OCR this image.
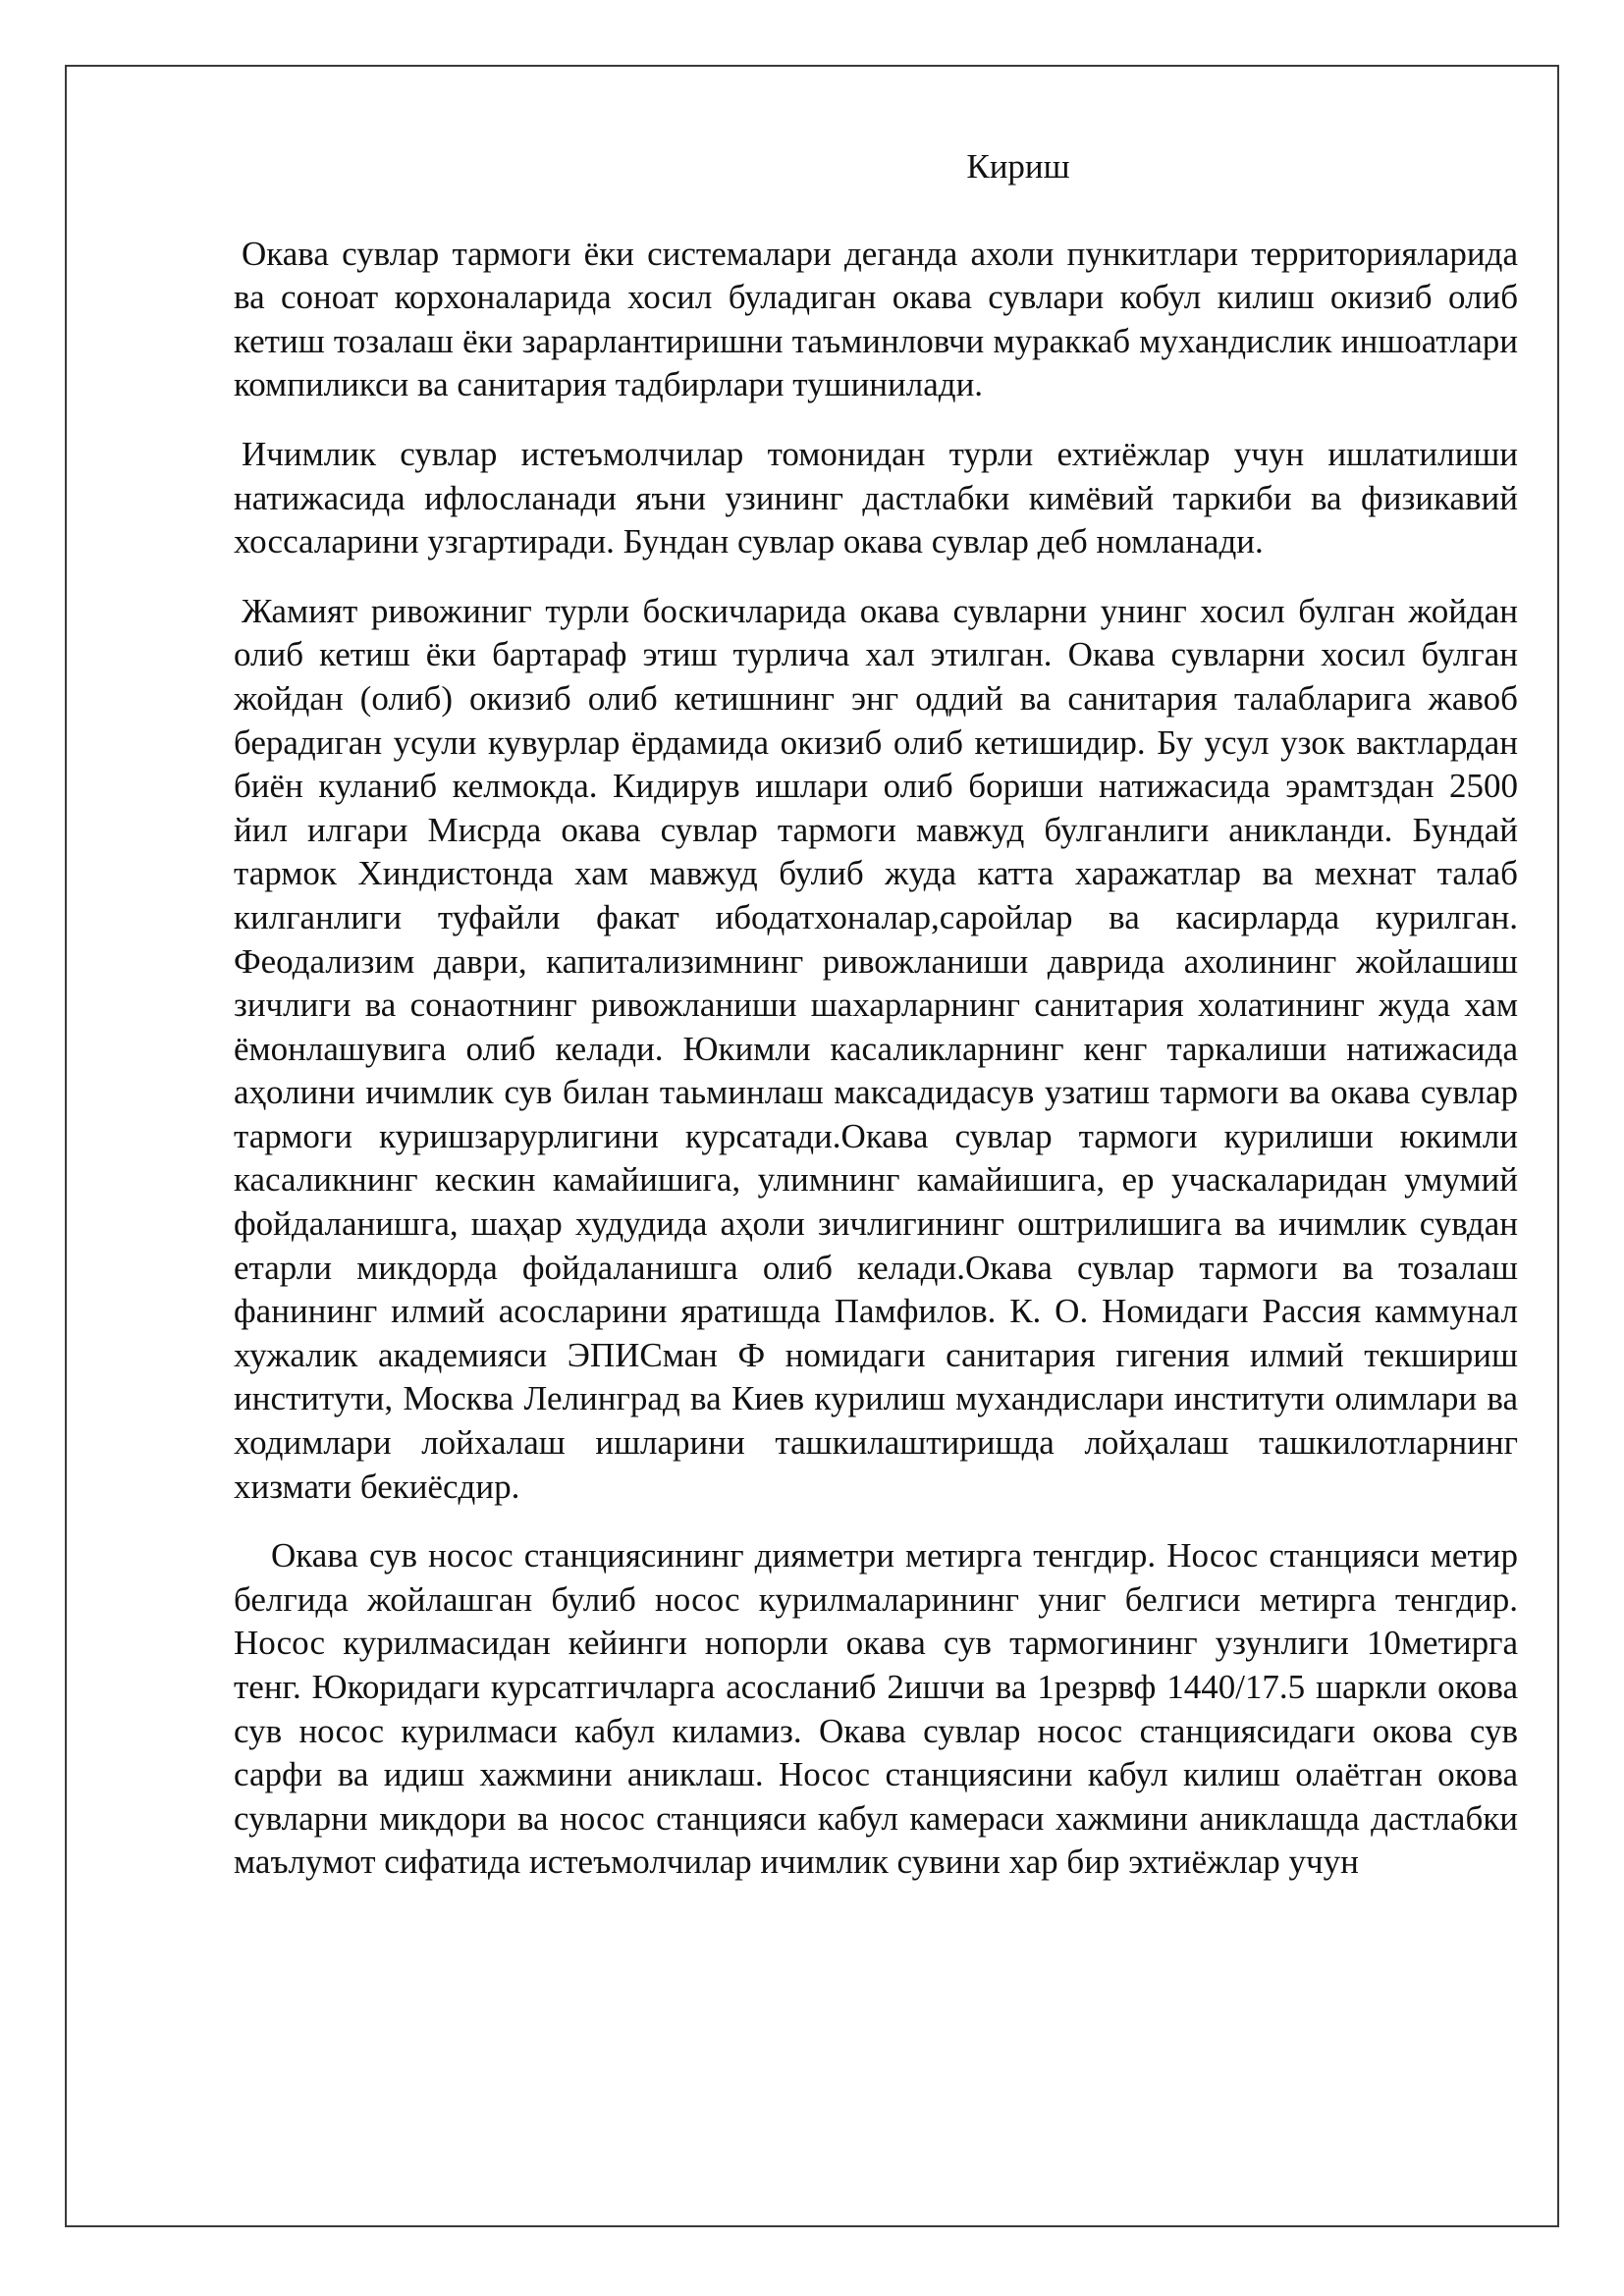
Кириш

Окава сувлар тармоги ёки системалари деганда ахоли пункитлари территорияларида ва соноат корхоналарида хосил буладиган окава сувлари кобул килиш окизиб олиб кетиш тозалаш ёки зарарлантиришни таъминловчи мураккаб мухандислик иншоатлари компиликси ва санитария тадбирлари тушинилади.

Ичимлик сувлар истеъмолчилар томонидан турли ехтиёжлар учун ишлатилиши натижасида ифлосланади яъни узининг дастлабки кимёвий таркиби ва физикавий хоссаларини узгартиради. Бундан сувлар окава сувлар деб номланади.

Жамият ривожиниг турли боскичларида окава сувларни унинг хосил булган жойдан олиб кетиш ёки бартараф этиш турлича хал этилган. Окава сувларни хосил булган жойдан (олиб) окизиб олиб кетишнинг энг оддий ва санитария талабларига жавоб берадиган усули кувурлар ёрдамида окизиб олиб кетишидир. Бу усул узок вактлардан биён куланиб келмокда. Кидирув ишлари олиб бориши натижасида эрамтздан 2500 йил илгари Мисрда окава сувлар тармоги мавжуд булганлиги аникланди. Бундай тармок Хиндистонда хам мавжуд булиб жуда катта харажатлар ва мехнат талаб килганлиги туфайли факат ибодатхоналар,саройлар ва касирларда курилган. Феодализим даври, капитализимнинг ривожланиши даврида ахолининг жойлашиш зичлиги ва сонаотнинг ривожланиши шахарларнинг санитария холатининг жуда хам ёмонлашувига олиб келади. Юкимли касаликларнинг кенг таркалиши натижасида аҳолини ичимлик сув билан таьминлаш максадидасув узатиш тармоги ва окава сувлар тармоги куришзарурлигини курсатади.Окава сувлар тармоги курилиши юкимли касаликнинг кескин камайишига, улимнинг камайишига, ер учаскаларидан умумий фойдаланишга, шаҳар худудида аҳоли зичлигининг оштрилишига ва ичимлик сувдан етарли микдорда фойдаланишга олиб келади.Окава сувлар тармоги ва тозалаш фанининг илмий асосларини яратишда Памфилов. К. О. Номидаги Рассия каммунал хужалик академияси ЭПИСман Ф номидаги санитария гигения илмий текшириш институти, Москва Лелинград ва Киев курилиш мухандислари институти олимлари ва ходимлари лойхалаш ишларини ташкилаштиришда лойҳалаш ташкилотларнинг хизмати бекиёсдир.

Окава сув носос станциясининг дияметри метирга тенгдир. Носос станцияси метир белгида жойлашган булиб носос курилмаларининг униг белгиси метирга тенгдир. Носос курилмасидан кейинги нопорли окава сув тармогининг узунлиги 10метирга тенг. Юкоридаги курсатгичларга асосланиб 2ишчи ва 1резрвф 1440/17.5 шаркли окова сув носос курилмаси кабул киламиз. Окава сувлар носос станциясидаги окова сув сарфи ва идиш хажмини аниклаш. Носос станциясини кабул килиш олаётган окова сувларни микдори ва носос станцияси кабул камераси хажмини аниклашда дастлабки маълумот сифатида истеъмолчилар ичимлик сувини хар бир эхтиёжлар учун
